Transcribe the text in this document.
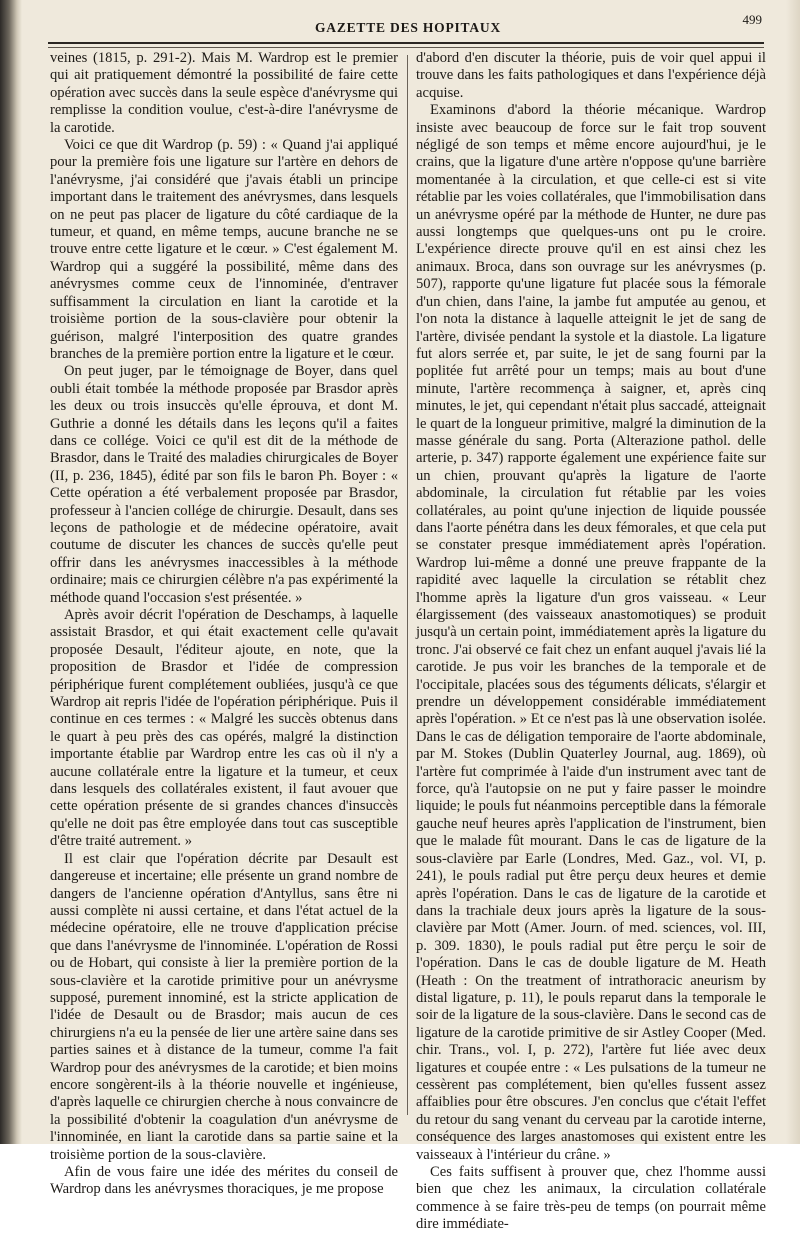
GAZETTE DES HOPITAUX
499

veines (1815, p. 291-2). Mais M. Wardrop est le premier qui ait pratiquement démontré la possibilité de faire cette opération avec succès dans la seule espèce d'anévrysme qui remplisse la condition voulue, c'est-à-dire l'anévrysme de la carotide.

Voici ce que dit Wardrop (p. 59) : « Quand j'ai appliqué pour la première fois une ligature sur l'artère en dehors de l'anévrysme, j'ai considéré que j'avais établi un principe important dans le traitement des anévrysmes, dans lesquels on ne peut pas placer de ligature du côté cardiaque de la tumeur, et quand, en même temps, aucune branche ne se trouve entre cette ligature et le cœur. » C'est également M. Wardrop qui a suggéré la possibilité, même dans des anévrysmes comme ceux de l'innominée, d'entraver suffisamment la circulation en liant la carotide et la troisième portion de la sous-clavière pour obtenir la guérison, malgré l'interposition des quatre grandes branches de la première portion entre la ligature et le cœur.

On peut juger, par le témoignage de Boyer, dans quel oubli était tombée la méthode proposée par Brasdor après les deux ou trois insuccès qu'elle éprouva, et dont M. Guthrie a donné les détails dans les leçons qu'il a faites dans ce collége. Voici ce qu'il est dit de la méthode de Brasdor, dans le Traité des maladies chirurgicales de Boyer (II, p. 236, 1845), édité par son fils le baron Ph. Boyer : « Cette opération a été verbalement proposée par Brasdor, professeur à l'ancien collége de chirurgie. Desault, dans ses leçons de pathologie et de médecine opératoire, avait coutume de discuter les chances de succès qu'elle peut offrir dans les anévrysmes inaccessibles à la méthode ordinaire; mais ce chirurgien célèbre n'a pas expérimenté la méthode quand l'occasion s'est présentée. »

Après avoir décrit l'opération de Deschamps, à laquelle assistait Brasdor, et qui était exactement celle qu'avait proposée Desault, l'éditeur ajoute, en note, que la proposition de Brasdor et l'idée de compression périphérique furent complétement oubliées, jusqu'à ce que Wardrop ait repris l'idée de l'opération périphérique. Puis il continue en ces termes : « Malgré les succès obtenus dans le quart à peu près des cas opérés, malgré la distinction importante établie par Wardrop entre les cas où il n'y a aucune collatérale entre la ligature et la tumeur, et ceux dans lesquels des collatérales existent, il faut avouer que cette opération présente de si grandes chances d'insuccès qu'elle ne doit pas être employée dans tout cas susceptible d'être traité autrement. »

Il est clair que l'opération décrite par Desault est dangereuse et incertaine; elle présente un grand nombre de dangers de l'ancienne opération d'Antyllus, sans être ni aussi complète ni aussi certaine, et dans l'état actuel de la médecine opératoire, elle ne trouve d'application précise que dans l'anévrysme de l'innominée. L'opération de Rossi ou de Hobart, qui consiste à lier la première portion de la sous-clavière et la carotide primitive pour un anévrysme supposé, purement innominé, est la stricte application de l'idée de Desault ou de Brasdor; mais aucun de ces chirurgiens n'a eu la pensée de lier une artère saine dans ses parties saines et à distance de la tumeur, comme l'a fait Wardrop pour des anévrysmes de la carotide; et bien moins encore songèrent-ils à la théorie nouvelle et ingénieuse, d'après laquelle ce chirurgien cherche à nous convaincre de la possibilité d'obtenir la coagulation d'un anévrysme de l'innominée, en liant la carotide dans sa partie saine et la troisième portion de la sous-clavière.

Afin de vous faire une idée des mérites du conseil de Wardrop dans les anévrysmes thoraciques, je me propose

d'abord d'en discuter la théorie, puis de voir quel appui il trouve dans les faits pathologiques et dans l'expérience déjà acquise.

Examinons d'abord la théorie mécanique. Wardrop insiste avec beaucoup de force sur le fait trop souvent négligé de son temps et même encore aujourd'hui, je le crains, que la ligature d'une artère n'oppose qu'une barrière momentanée à la circulation, et que celle-ci est si vite rétablie par les voies collatérales, que l'immobilisation dans un anévrysme opéré par la méthode de Hunter, ne dure pas aussi longtemps que quelques-uns ont pu le croire. L'expérience directe prouve qu'il en est ainsi chez les animaux. Broca, dans son ouvrage sur les anévrysmes (p. 507), rapporte qu'une ligature fut placée sous la fémorale d'un chien, dans l'aine, la jambe fut amputée au genou, et l'on nota la distance à laquelle atteignit le jet de sang de l'artère, divisée pendant la systole et la diastole. La ligature fut alors serrée et, par suite, le jet de sang fourni par la poplitée fut arrêté pour un temps; mais au bout d'une minute, l'artère recommença à saigner, et, après cinq minutes, le jet, qui cependant n'était plus saccadé, atteignait le quart de la longueur primitive, malgré la diminution de la masse générale du sang. Porta (Alterazione pathol. delle arterie, p. 347) rapporte également une expérience faite sur un chien, prouvant qu'après la ligature de l'aorte abdominale, la circulation fut rétablie par les voies collatérales, au point qu'une injection de liquide poussée dans l'aorte pénétra dans les deux fémorales, et que cela put se constater presque immédiatement après l'opération. Wardrop lui-même a donné une preuve frappante de la rapidité avec laquelle la circulation se rétablit chez l'homme après la ligature d'un gros vaisseau. « Leur élargissement (des vaisseaux anastomotiques) se produit jusqu'à un certain point, immédiatement après la ligature du tronc. J'ai observé ce fait chez un enfant auquel j'avais lié la carotide. Je pus voir les branches de la temporale et de l'occipitale, placées sous des téguments délicats, s'élargir et prendre un développement considérable immédiatement après l'opération. » Et ce n'est pas là une observation isolée. Dans le cas de déligation temporaire de l'aorte abdominale, par M. Stokes (Dublin Quaterley Journal, aug. 1869), où l'artère fut comprimée à l'aide d'un instrument avec tant de force, qu'à l'autopsie on ne put y faire passer le moindre liquide; le pouls fut néanmoins perceptible dans la fémorale gauche neuf heures après l'application de l'instrument, bien que le malade fût mourant. Dans le cas de ligature de la sous-clavière par Earle (Londres, Med. Gaz., vol. VI, p. 241), le pouls radial put être perçu deux heures et demie après l'opération. Dans le cas de ligature de la carotide et dans la trachiale deux jours après la ligature de la sous-clavière par Mott (Amer. Journ. of med. sciences, vol. III, p. 309. 1830), le pouls radial put être perçu le soir de l'opération. Dans le cas de double ligature de M. Heath (Heath : On the treatment of intrathoracic aneurism by distal ligature, p. 11), le pouls reparut dans la temporale le soir de la ligature de la sous-clavière. Dans le second cas de ligature de la carotide primitive de sir Astley Cooper (Med. chir. Trans., vol. I, p. 272), l'artère fut liée avec deux ligatures et coupée entre : « Les pulsations de la tumeur ne cessèrent pas complétement, bien qu'elles fussent assez affaiblies pour être obscures. J'en conclus que c'était l'effet du retour du sang venant du cerveau par la carotide interne, conséquence des larges anastomoses qui existent entre les vaisseaux à l'intérieur du crâne. »

Ces faits suffisent à prouver que, chez l'homme aussi bien que chez les animaux, la circulation collatérale commence à se faire très-peu de temps (on pourrait même dire immédiate-
